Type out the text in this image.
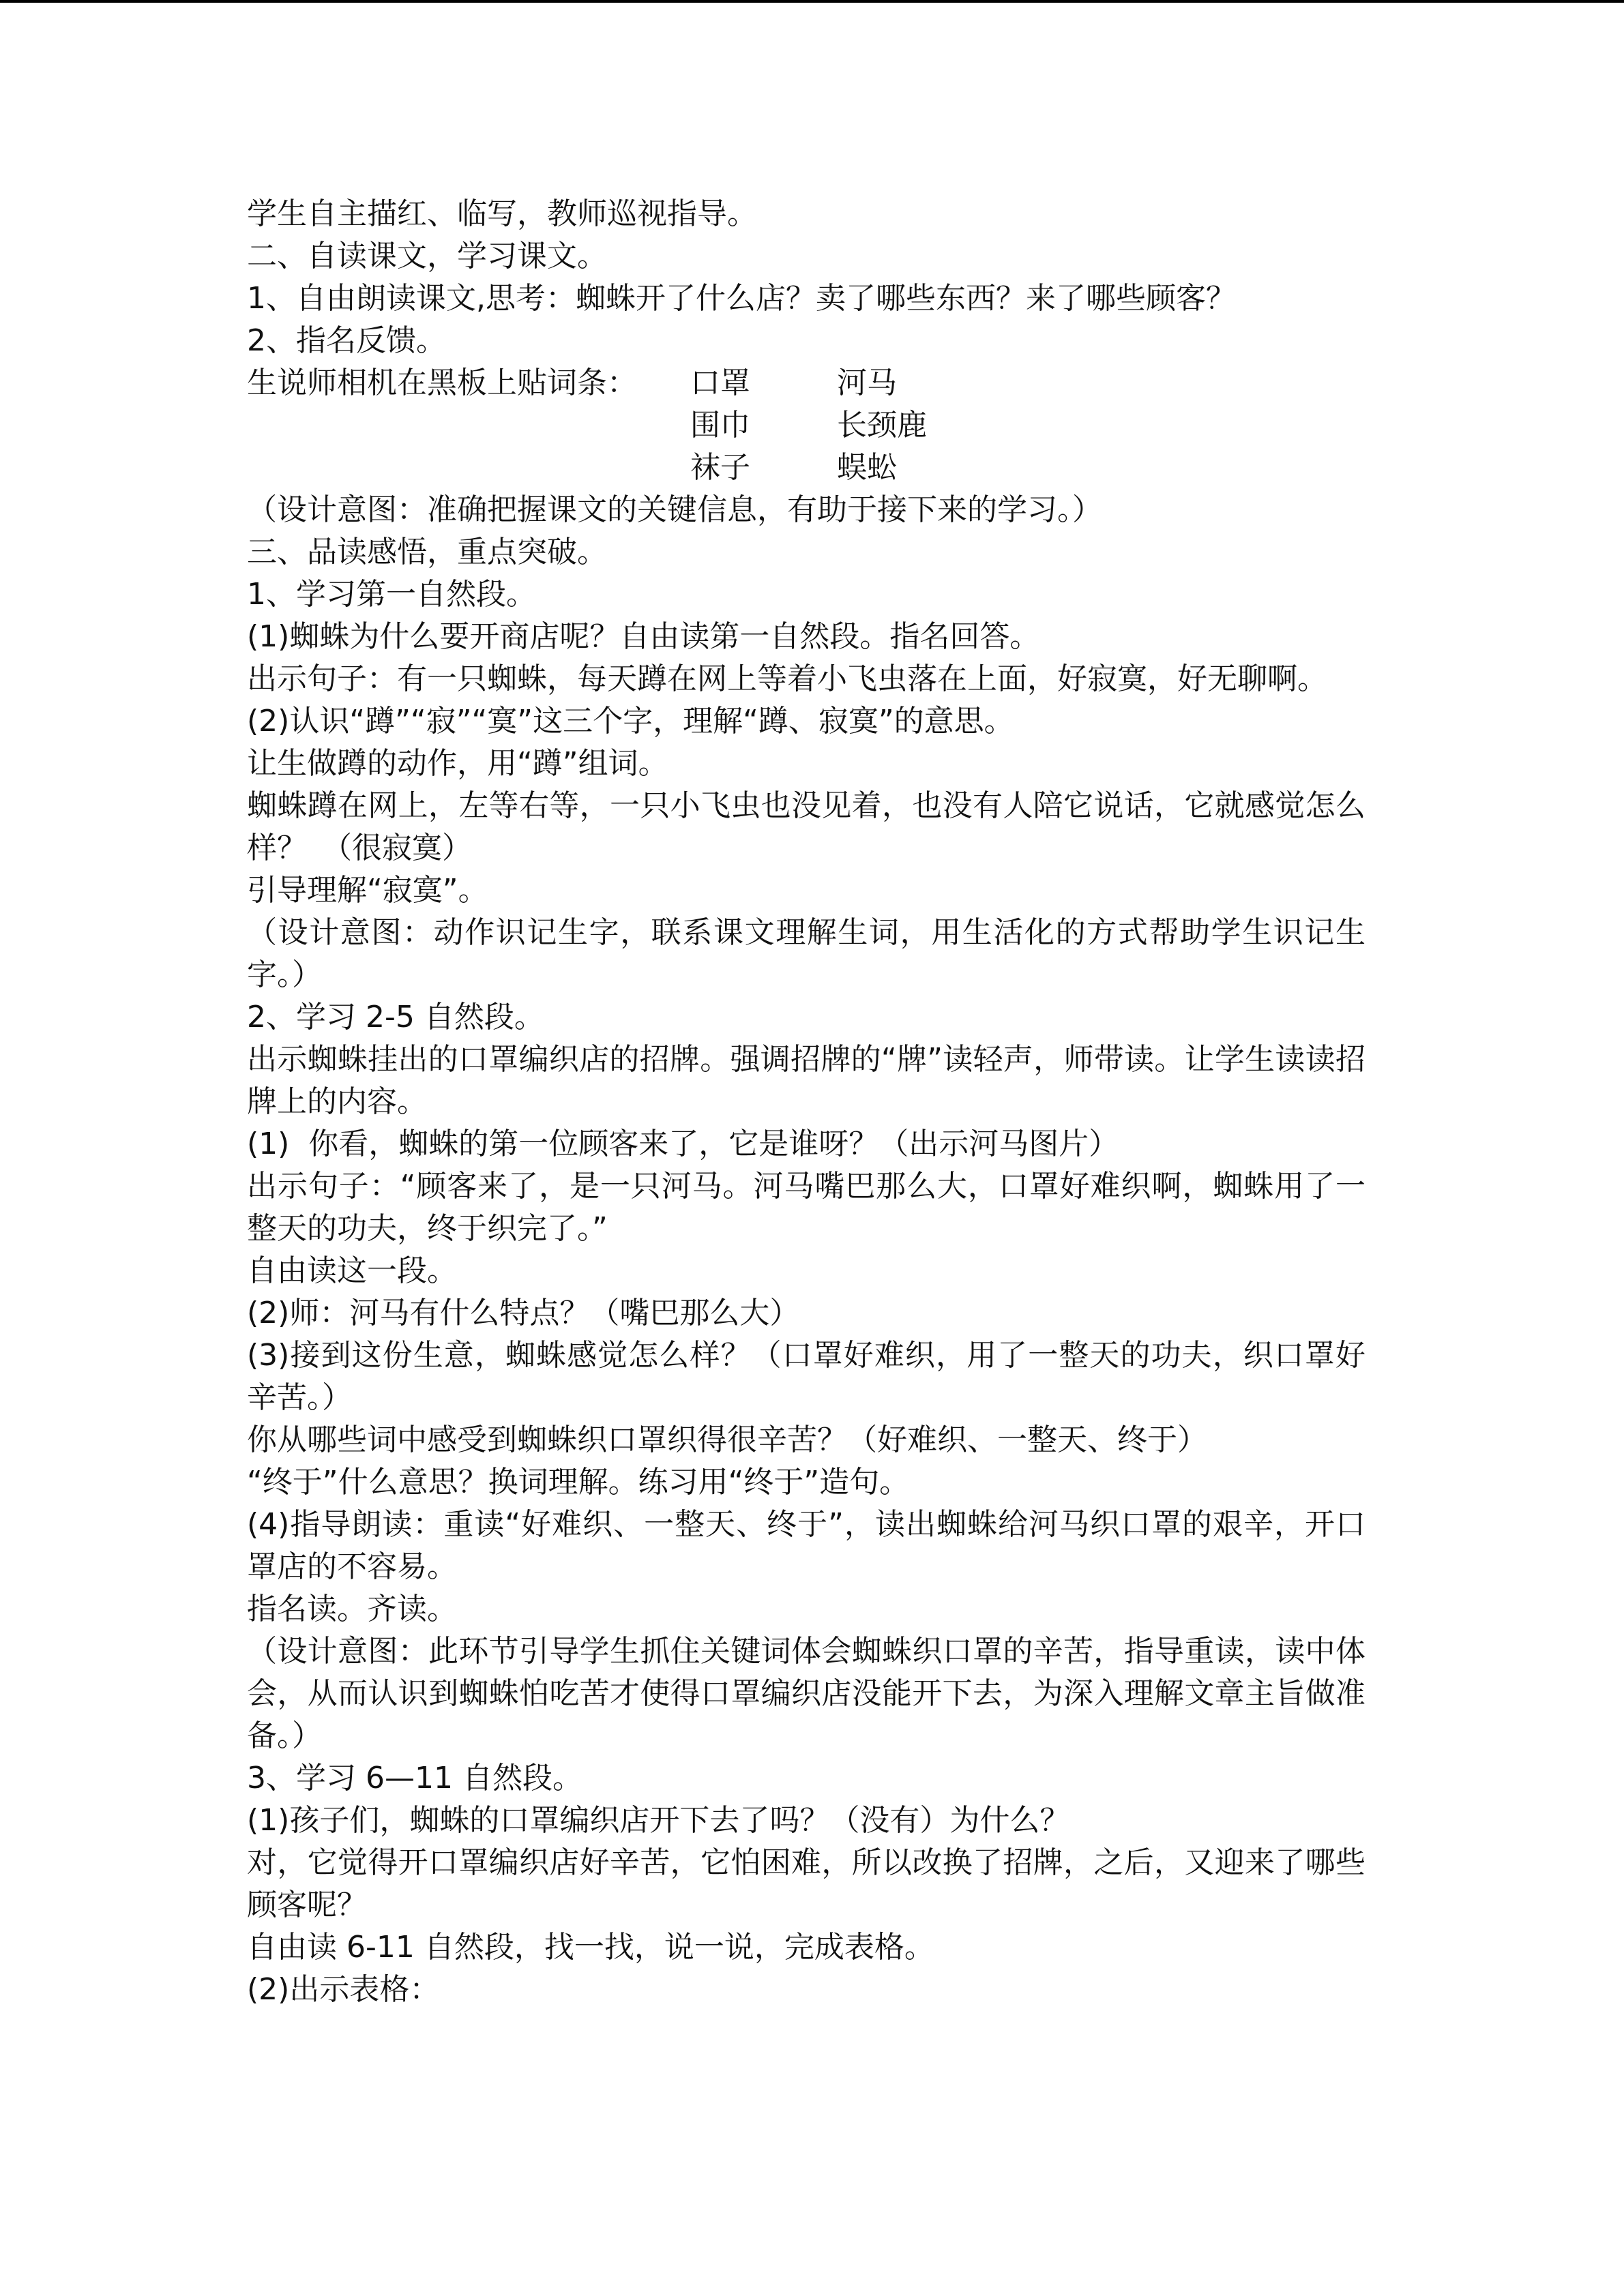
学生自主描红、临写，教师巡视指导。
二、自读课文，学习课文。
1、自由朗读课文,思考：蜘蛛开了什么店？卖了哪些东西？来了哪些顾客？
2、指名反馈。
生说师相机在黑板上贴词条： 口罩	河马
围巾	长颈鹿
袜子	蜈蚣
（设计意图：准确把握课文的关键信息，有助于接下来的学习。）
三、品读感悟，重点突破。
1、学习第一自然段。
(1)蜘蛛为什么要开商店呢？自由读第一自然段。指名回答。
出示句子：有一只蜘蛛，每天蹲在网上等着小飞虫落在上面，好寂寞，好无聊啊。
(2)认识“蹲”“寂”“寞”这三个字，理解“蹲、寂寞”的意思。
让生做蹲的动作，用“蹲”组词。
蜘蛛蹲在网上，左等右等，一只小飞虫也没见着，也没有人陪它说话，它就感觉怎么样？　（很寂寞）
引导理解“寂寞”。
（设计意图：动作识记生字，联系课文理解生词，用生活化的方式帮助学生识记生字。）
2、学习 2-5 自然段。
出示蜘蛛挂出的口罩编织店的招牌。强调招牌的“牌”读轻声，师带读。让学生读读招牌上的内容。
(1)  你看，蜘蛛的第一位顾客来了，它是谁呀？（出示河马图片）
出示句子：“顾客来了，是一只河马。河马嘴巴那么大，口罩好难织啊，蜘蛛用了一整天的功夫，终于织完了。”
自由读这一段。
(2)师：河马有什么特点？（嘴巴那么大）
(3)接到这份生意，蜘蛛感觉怎么样？（口罩好难织，用了一整天的功夫，织口罩好辛苦。）
你从哪些词中感受到蜘蛛织口罩织得很辛苦？（好难织、一整天、终于）
“终于”什么意思？换词理解。练习用“终于”造句。
(4)指导朗读：重读“好难织、一整天、终于”，读出蜘蛛给河马织口罩的艰辛，开口罩店的不容易。
指名读。齐读。
（设计意图：此环节引导学生抓住关键词体会蜘蛛织口罩的辛苦，指导重读，读中体会，从而认识到蜘蛛怕吃苦才使得口罩编织店没能开下去，为深入理解文章主旨做准备。）
3、学习 6—11 自然段。
(1)孩子们，蜘蛛的口罩编织店开下去了吗？（没有）为什么？
对，它觉得开口罩编织店好辛苦，它怕困难，所以改换了招牌，之后，又迎来了哪些顾客呢？
自由读 6-11 自然段，找一找，说一说，完成表格。
(2)出示表格：
